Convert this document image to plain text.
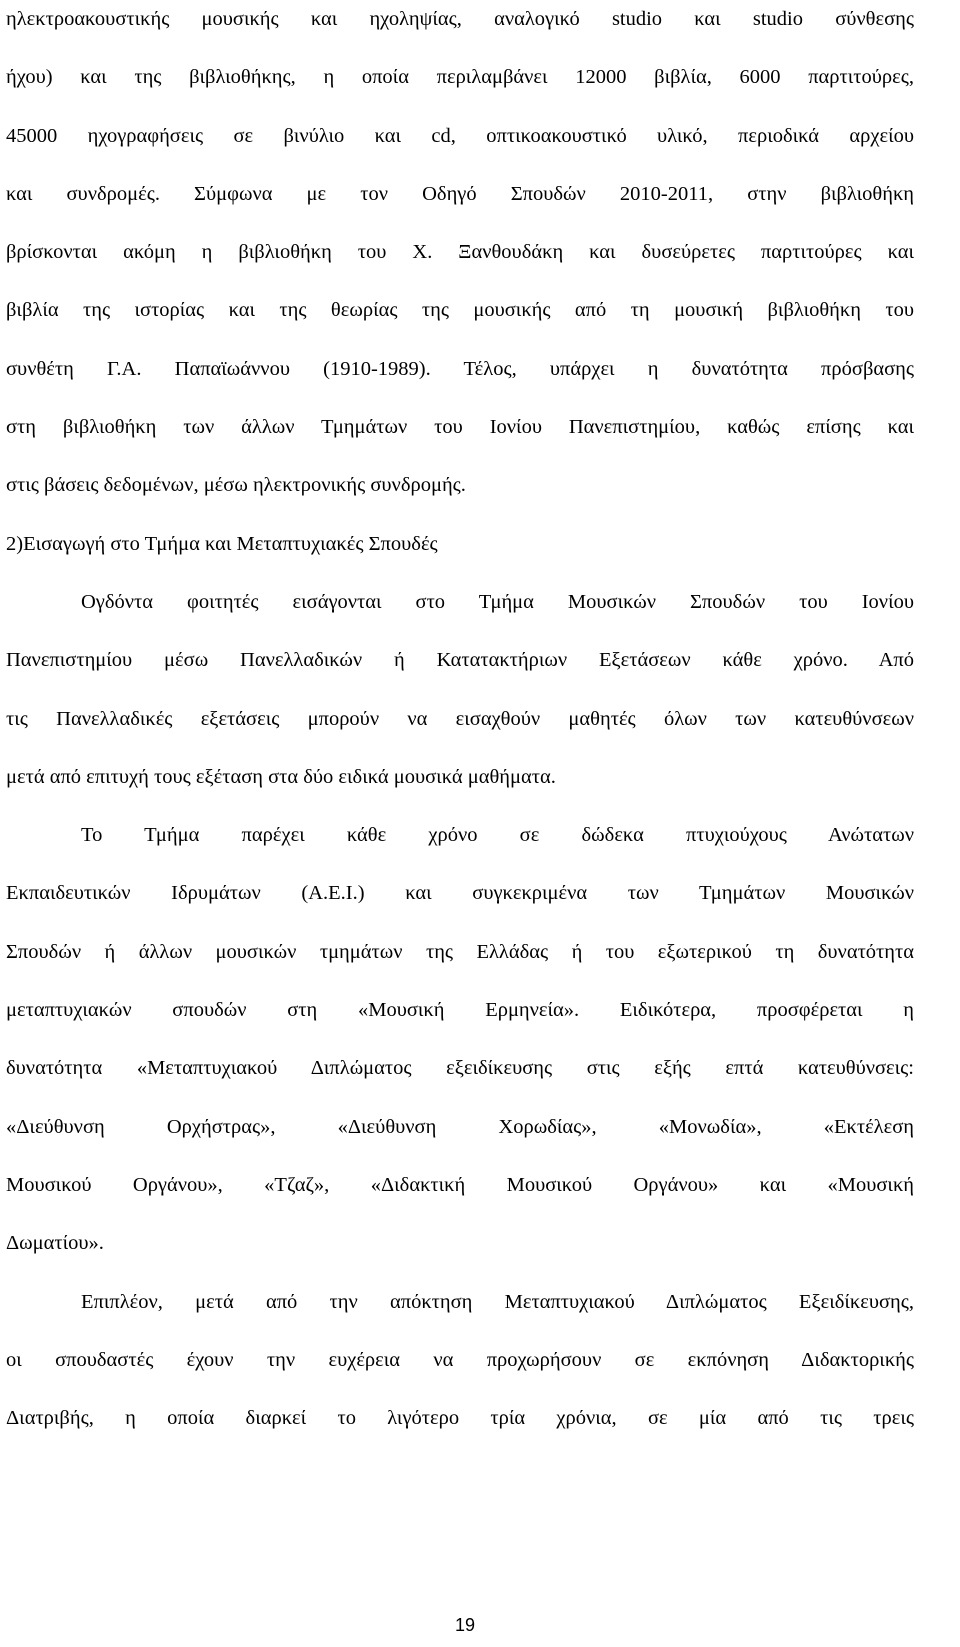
ηλεκτροακουστικής μουσικής και ηχοληψίας, αναλογικό studio και studio σύνθεσης
ήχου) και της βιβλιοθήκης, η οποία περιλαμβάνει 12000 βιβλία, 6000 παρτιτούρες,
45000 ηχογραφήσεις σε βινύλιο και cd, οπτικοακουστικό υλικό, περιοδικά αρχείου
και συνδρομές. Σύμφωνα με τον Οδηγό Σπουδών 2010-2011, στην βιβλιοθήκη
βρίσκονται ακόμη η βιβλιοθήκη του Χ. Ξανθουδάκη και δυσεύρετες παρτιτούρες και
βιβλία της ιστορίας και της θεωρίας της μουσικής από τη μουσική βιβλιοθήκη του
συνθέτη Γ.Α. Παπαϊωάννου (1910-1989). Τέλος, υπάρχει η δυνατότητα πρόσβασης
στη βιβλιοθήκη των άλλων Τμημάτων του Ιονίου Πανεπιστημίου, καθώς επίσης και
στις βάσεις δεδομένων, μέσω ηλεκτρονικής συνδρομής.
2)Εισαγωγή στο Τμήμα και Μεταπτυχιακές Σπουδές
Ογδόντα φοιτητές εισάγονται στο Τμήμα Μουσικών Σπουδών του Ιονίου
Πανεπιστημίου μέσω Πανελλαδικών ή Κατατακτήριων Εξετάσεων κάθε χρόνο. Από
τις Πανελλαδικές εξετάσεις μπορούν να εισαχθούν μαθητές όλων των κατευθύνσεων
μετά από επιτυχή τους εξέταση στα δύο ειδικά μουσικά μαθήματα.
Το Τμήμα παρέχει κάθε χρόνο σε δώδεκα πτυχιούχους Ανώτατων
Εκπαιδευτικών Ιδρυμάτων (Α.Ε.Ι.) και συγκεκριμένα των Τμημάτων Μουσικών
Σπουδών ή άλλων μουσικών τμημάτων της Ελλάδας ή του εξωτερικού τη δυνατότητα
μεταπτυχιακών σπουδών στη «Μουσική Ερμηνεία». Ειδικότερα, προσφέρεται η
δυνατότητα «Μεταπτυχιακού Διπλώματος εξειδίκευσης στις εξής επτά κατευθύνσεις:
«Διεύθυνση Ορχήστρας», «Διεύθυνση Χορωδίας», «Μονωδία», «Εκτέλεση
Μουσικού Οργάνου», «Τζαζ», «Διδακτική Μουσικού Οργάνου» και «Μουσική
Δωματίου».
Επιπλέον, μετά από την απόκτηση Μεταπτυχιακού Διπλώματος Εξειδίκευσης,
οι σπουδαστές έχουν την ευχέρεια να προχωρήσουν σε εκπόνηση Διδακτορικής
Διατριβής, η οποία διαρκεί το λιγότερο τρία χρόνια, σε μία από τις τρεις
19
